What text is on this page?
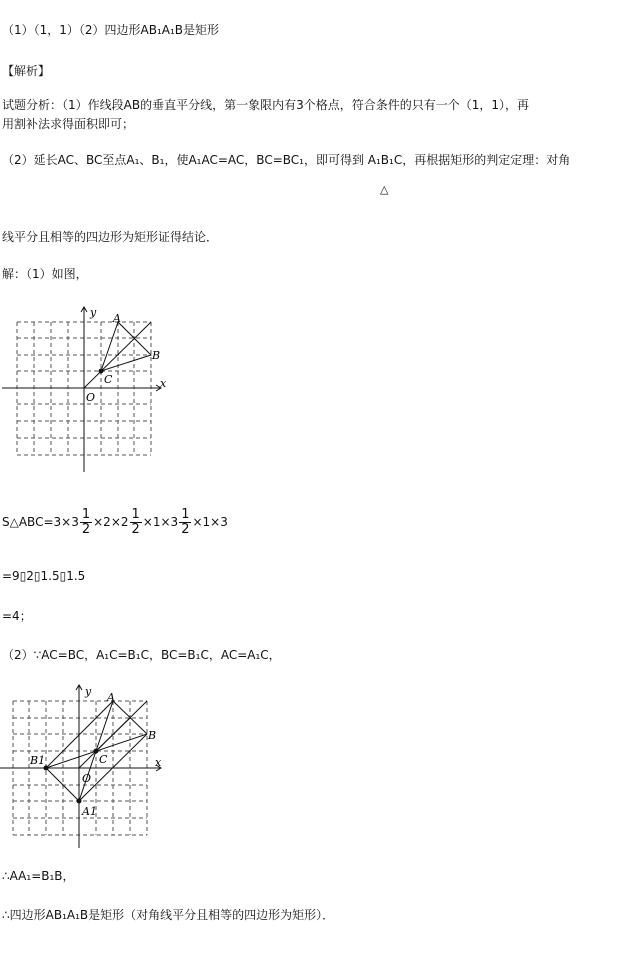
（1）（1，1）（2）四边形AB₁A₁B是矩形
【解析】
试题分析：（1）作线段AB的垂直平分线，第一象限内有3个格点，符合条件的只有一个（1，1），再
用割补法求得面积即可；
（2）延长AC、BC至点A₁、B₁，使A₁AC=AC，BC=BC₁，即可得到 A₁B₁C，再根据矩形的判定定理：对角
△
线平分且相等的四边形为矩形证得结论．
解：（1）如图，
A
B
C
O
x
y
S△ABC=3×3 $\frac{1}{2} \times 2\times 2 \frac{1}{2} \times 1\times 3 \frac{1}{2} \times 1\times 3$
=9▯2▯1.5▯1.5
=4；
（2）∵AC=BC，A₁C=B₁C，BC=B₁C，AC=A₁C，
A
B
C
O
B1
A1
x
y
∴AA₁=B₁B，
∴四边形AB₁A₁B是矩形（对角线平分且相等的四边形为矩形）．
